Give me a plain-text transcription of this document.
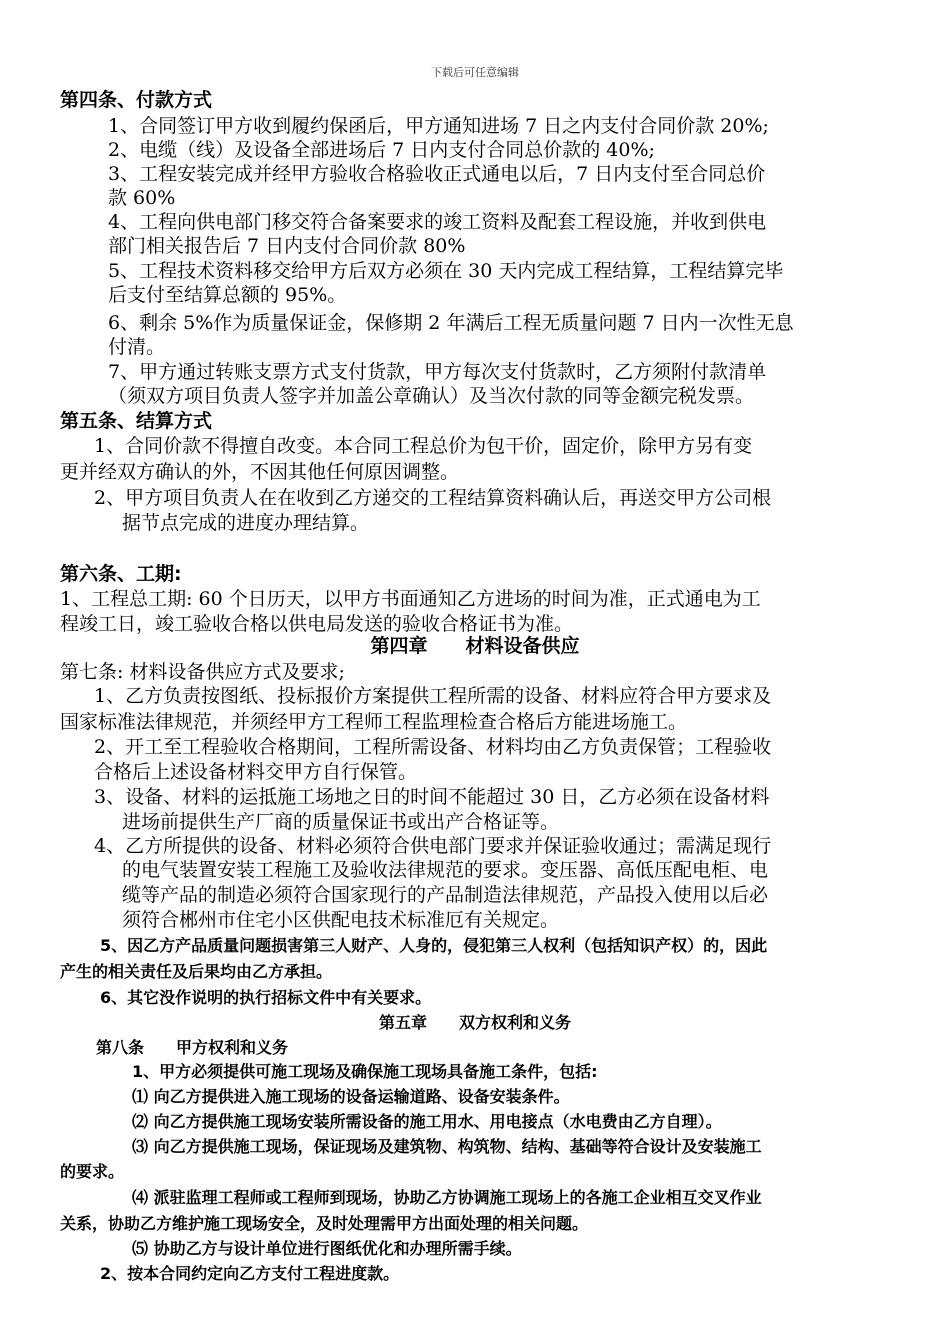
下载后可任意编辑
第四条、付款方式
1、合同签订甲方收到履约保函后，甲方通知进场 7 日之内支付合同价款 20%;
2、电缆（线）及设备全部进场后 7 日内支付合同总价款的 40%;
3、工程安装完成并经甲方验收合格验收正式通电以后，7 日内支付至合同总价
款 60%
4、工程向供电部门移交符合备案要求的竣工资料及配套工程设施，并收到供电
部门相关报告后 7 日内支付合同价款 80%
5、工程技术资料移交给甲方后双方必须在 30 天内完成工程结算，工程结算完毕
后支付至结算总额的 95%。
6、剩余 5%作为质量保证金，保修期 2 年满后工程无质量问题 7 日内一次性无息
付清。
7、甲方通过转账支票方式支付货款，甲方每次支付货款时，乙方须附付款清单
（须双方项目负责人签字并加盖公章确认）及当次付款的同等金额完税发票。
第五条、结算方式
1、合同价款不得擅自改变。本合同工程总价为包干价，固定价，除甲方另有变
更并经双方确认的外，不因其他任何原因调整。
2、甲方项目负责人在在收到乙方递交的工程结算资料确认后，再送交甲方公司根
据节点完成的进度办理结算。
第六条、工期:
1、工程总工期: 60 个日历天，以甲方书面通知乙方进场的时间为准，正式通电为工
程竣工日，竣工验收合格以供电局发送的验收合格证书为准。
第四章　　材料设备供应
第七条: 材料设备供应方式及要求;
1、乙方负责按图纸、投标报价方案提供工程所需的设备、材料应符合甲方要求及
国家标准法律规范，并须经甲方工程师工程监理检查合格后方能进场施工。
2、开工至工程验收合格期间，工程所需设备、材料均由乙方负责保管；工程验收
合格后上述设备材料交甲方自行保管。
3、设备、材料的运抵施工场地之日的时间不能超过 30 日，乙方必须在设备材料
进场前提供生产厂商的质量保证书或出产合格证等。
4、乙方所提供的设备、材料必须符合供电部门要求并保证验收通过；需满足现行
的电气装置安装工程施工及验收法律规范的要求。变压器、高低压配电柜、电
缆等产品的制造必须符合国家现行的产品制造法律规范，产品投入使用以后必
须符合郴州市住宅小区供配电技术标准厄有关规定。
5、因乙方产品质量问题损害第三人财产、人身的，侵犯第三人权利（包括知识产权）的，因此
产生的相关责任及后果均由乙方承担。
6、其它没作说明的执行招标文件中有关要求。
第五章　　双方权利和义务
第八条　　甲方权利和义务
1、甲方必须提供可施工现场及确保施工现场具备施工条件，包括:
⑴ 向乙方提供进入施工现场的设备运输道路、设备安装条件。
⑵ 向乙方提供施工现场安装所需设备的施工用水、用电接点（水电费由乙方自理）。
⑶ 向乙方提供施工现场，保证现场及建筑物、构筑物、结构、基础等符合设计及安装施工
的要求。
⑷ 派驻监理工程师或工程师到现场，协助乙方协调施工现场上的各施工企业相互交叉作业
关系，协助乙方维护施工现场安全，及时处理需甲方出面处理的相关问题。
⑸ 协助乙方与设计单位进行图纸优化和办理所需手续。
2、按本合同约定向乙方支付工程进度款。
